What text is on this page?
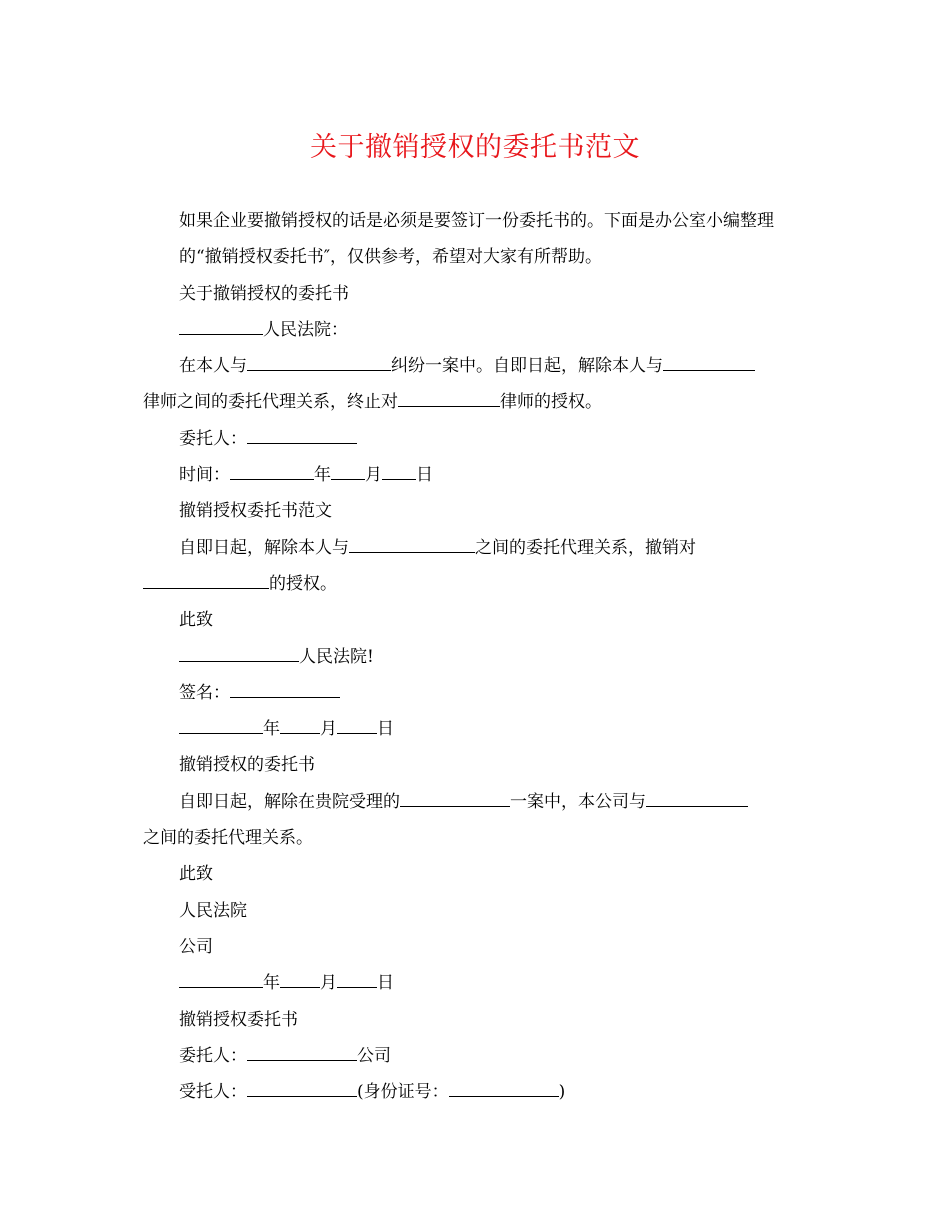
关于撤销授权的委托书范文

如果企业要撤销授权的话是必须是要签订一份委托书的。下面是办公室小编整理的“撤销授权委托书″，仅供参考，希望对大家有所帮助。

关于撤销授权的委托书

人民法院：

在本人与	纠纷一案中。自即日起，解除本人与

律师之间的委托代理关系，终止对	律师的授权。

委托人：

时间：	年 月 日

撤销授权委托书范文

自即日起，解除本人与	之间的委托代理关系，撤销对

的授权。

此致

人民法院!

签名：

年 月 日

撤销授权的委托书

自即日起，解除在贵院受理的	一案中，本公司与

之间的委托代理关系。

此致

人民法院

公司

年 月 日

撤销授权委托书

委托人：	公司

受托人：	(身份证号：	)
